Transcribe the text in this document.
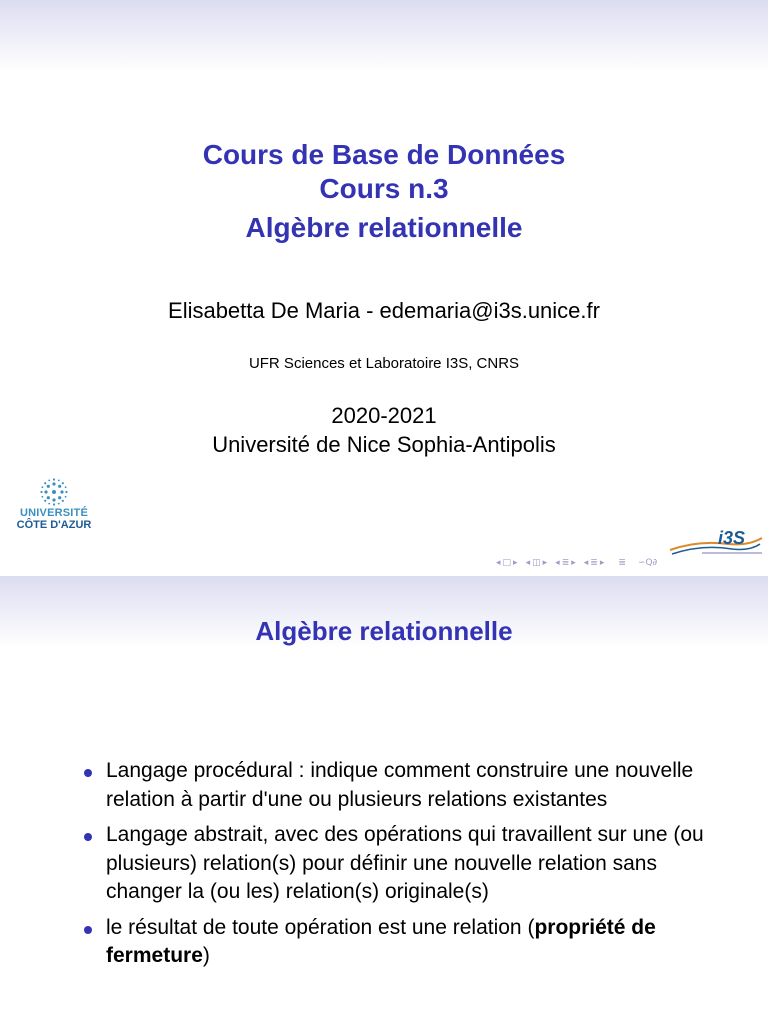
Cours de Base de Données
Cours n.3
Algèbre relationnelle
Elisabetta De Maria - edemaria@i3s.unice.fr
UFR Sciences et Laboratoire I3S, CNRS
2020-2021
Université de Nice Sophia-Antipolis
UNIVERSITÉ
CÔTE D'AZUR
i3S
◂ □ ▸ ◂ ◫ ▸ ◂ ≣ ▸ ◂ ≣ ▸ ≣ ∽Q∂
Algèbre relationnelle
Langage procédural : indique comment construire une nouvelle relation à partir d'une ou plusieurs relations existantes
Langage abstrait, avec des opérations qui travaillent sur une (ou plusieurs) relation(s) pour définir une nouvelle relation sans changer la (ou les) relation(s) originale(s)
le résultat de toute opération est une relation (propriété de fermeture)
